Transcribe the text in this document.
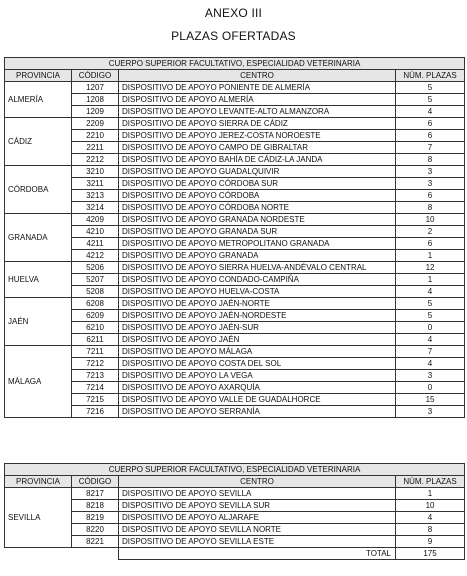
ANEXO III
PLAZAS OFERTADAS
CUERPO SUPERIOR FACULTATIVO, ESPECIALIDAD VETERINARIA			
PROVINCIA	CÓDIGO	CENTRO	NÚM. PLAZAS
ALMERÍA	1207	DISPOSITIVO DE APOYO PONIENTE DE ALMERÍA	5
	1208	DISPOSITIVO DE APOYO ALMERÍA	5
	1209	DISPOSITIVO DE APOYO LEVANTE-ALTO ALMANZORA	4
CÁDIZ	2209	DISPOSITIVO DE APOYO SIERRA DE CÁDIZ	6
	2210	DISPOSITIVO DE APOYO JEREZ-COSTA NOROESTE	6
	2211	DISPOSITIVO DE APOYO CAMPO DE GIBRALTAR	7
	2212	DISPOSITIVO DE APOYO BAHÍA DE CÁDIZ-LA JANDA	8
CÓRDOBA	3210	DISPOSITIVO DE APOYO GUADALQUIVIR	3
	3211	DISPOSITIVO DE APOYO CÓRDOBA SUR	3
	3213	DISPOSITIVO DE APOYO CÓRDOBA	6
	3214	DISPOSITIVO DE APOYO CÓRDOBA NORTE	8
GRANADA	4209	DISPOSITIVO DE APOYO GRANADA NORDESTE	10
	4210	DISPOSITIVO DE APOYO GRANADA SUR	2
	4211	DISPOSITIVO DE APOYO METROPOLITANO GRANADA	6
	4212	DISPOSITIVO DE APOYO GRANADA	1
HUELVA	5206	DISPOSITIVO DE APOYO SIERRA HUELVA-ANDÉVALO CENTRAL	12
	5207	DISPOSITIVO DE APOYO CONDADO-CAMPIÑA	1
	5208	DISPOSITIVO DE APOYO HUELVA-COSTA	4
JAÉN	6208	DISPOSITIVO DE APOYO JAÉN-NORTE	5
	6209	DISPOSITIVO DE APOYO JAÉN-NORDESTE	5
	6210	DISPOSITIVO DE APOYO JAÉN-SUR	0
	6211	DISPOSITIVO DE APOYO JAÉN	4
MÁLAGA	7211	DISPOSITIVO DE APOYO MÁLAGA	7
	7212	DISPOSITIVO DE APOYO COSTA DEL SOL	4
	7213	DISPOSITIVO DE APOYO LA VEGA	3
	7214	DISPOSITIVO DE APOYO AXARQUÍA	0
	7215	DISPOSITIVO DE APOYO VALLE DE GUADALHORCE	15
	7216	DISPOSITIVO DE APOYO SERRANÍA	3
CUERPO SUPERIOR FACULTATIVO, ESPECIALIDAD VETERINARIA			
PROVINCIA	CÓDIGO	CENTRO	NÚM. PLAZAS
SEVILLA	8217	DISPOSITIVO DE APOYO SEVILLA	1
	8218	DISPOSITIVO DE APOYO SEVILLA SUR	10
	8219	DISPOSITIVO DE APOYO ALJARAFE	4
	8220	DISPOSITIVO DE APOYO SEVILLA NORTE	8
	8221	DISPOSITIVO DE APOYO SEVILLA ESTE	9
		TOTAL	175
